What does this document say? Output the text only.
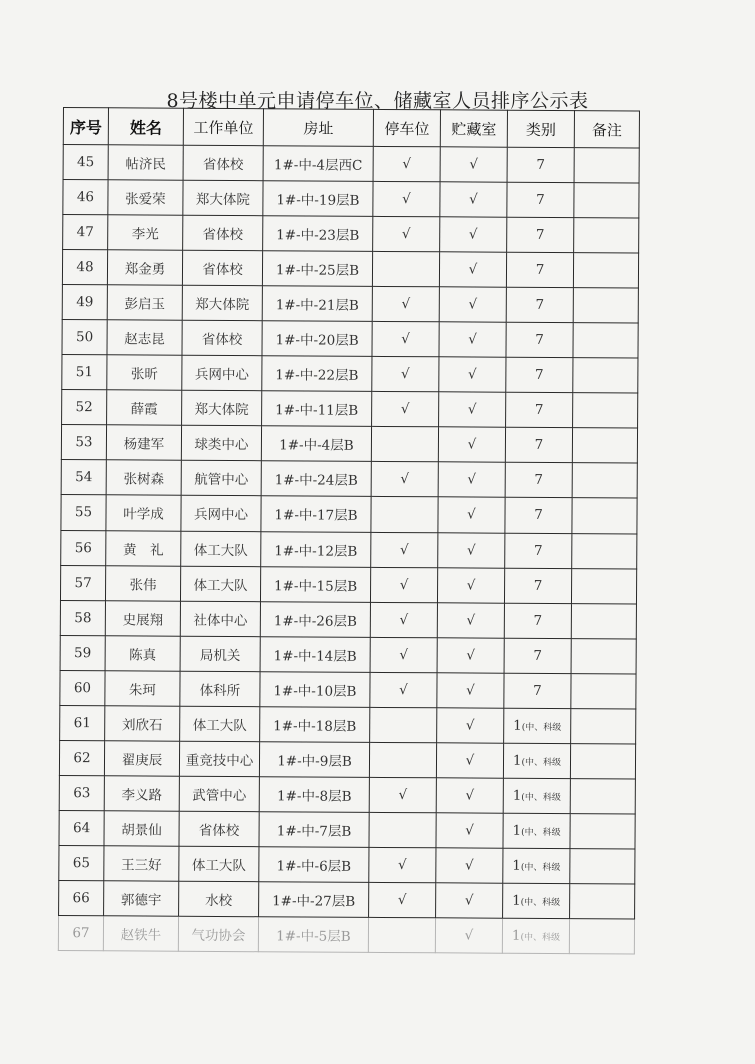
8号楼中单元申请停车位、储藏室人员排序公示表
序号	姓名	工作单位	房址	停车位	贮藏室	类别	备注
45	帖济民	省体校	1#-中-4层西C	√	√	7	
46	张爱荣	郑大体院	1#-中-19层B	√	√	7	
47	李光	省体校	1#-中-23层B	√	√	7	
48	郑金勇	省体校	1#-中-25层B		√	7	
49	彭启玉	郑大体院	1#-中-21层B	√	√	7	
50	赵志昆	省体校	1#-中-20层B	√	√	7	
51	张昕	兵网中心	1#-中-22层B	√	√	7	
52	薛霞	郑大体院	1#-中-11层B	√	√	7	
53	杨建军	球类中心	1#-中-4层B		√	7	
54	张树森	航管中心	1#-中-24层B	√	√	7	
55	叶学成	兵网中心	1#-中-17层B		√	7	
56	黄　礼	体工大队	1#-中-12层B	√	√	7	
57	张伟	体工大队	1#-中-15层B	√	√	7	
58	史展翔	社体中心	1#-中-26层B	√	√	7	
59	陈真	局机关	1#-中-14层B	√	√	7	
60	朱珂	体科所	1#-中-10层B	√	√	7	
61	刘欣石	体工大队	1#-中-18层B		√	1(中、科级	
62	翟庚辰	重竞技中心	1#-中-9层B		√	1(中、科级	
63	李义路	武管中心	1#-中-8层B	√	√	1(中、科级	
64	胡景仙	省体校	1#-中-7层B		√	1(中、科级	
65	王三好	体工大队	1#-中-6层B	√	√	1(中、科级	
66	郭德宇	水校	1#-中-27层B	√	√	1(中、科级	
67	赵铁牛	气功协会	1#-中-5层B		√	1(中、科级	
